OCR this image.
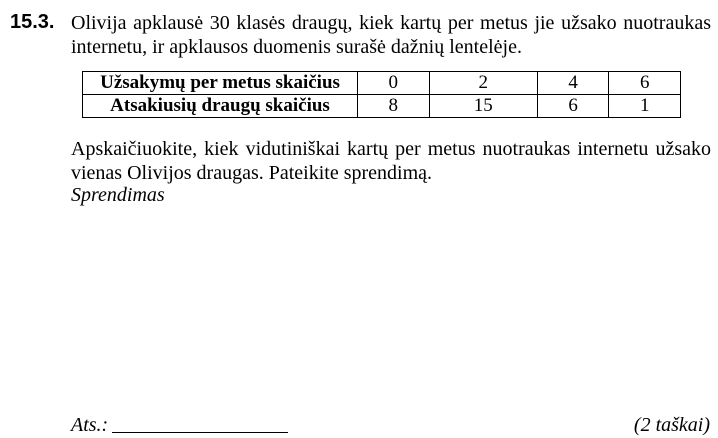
15.3. Olivija apklausė 30 klasės draugų, kiek kartų per metus jie užsako nuotraukas
internetu, ir apklausos duomenis surašė dažnių lentelėje.

Užsakymų per metus skaičius	0	2	4	6
Atsakiusių draugų skaičius	8	15	6	1

Apskaičiuokite, kiek vidutiniškai kartų per metus nuotraukas internetu užsako
vienas Olivijos draugas. Pateikite sprendimą.

Sprendimas
Ats.:	(2 taškai)
